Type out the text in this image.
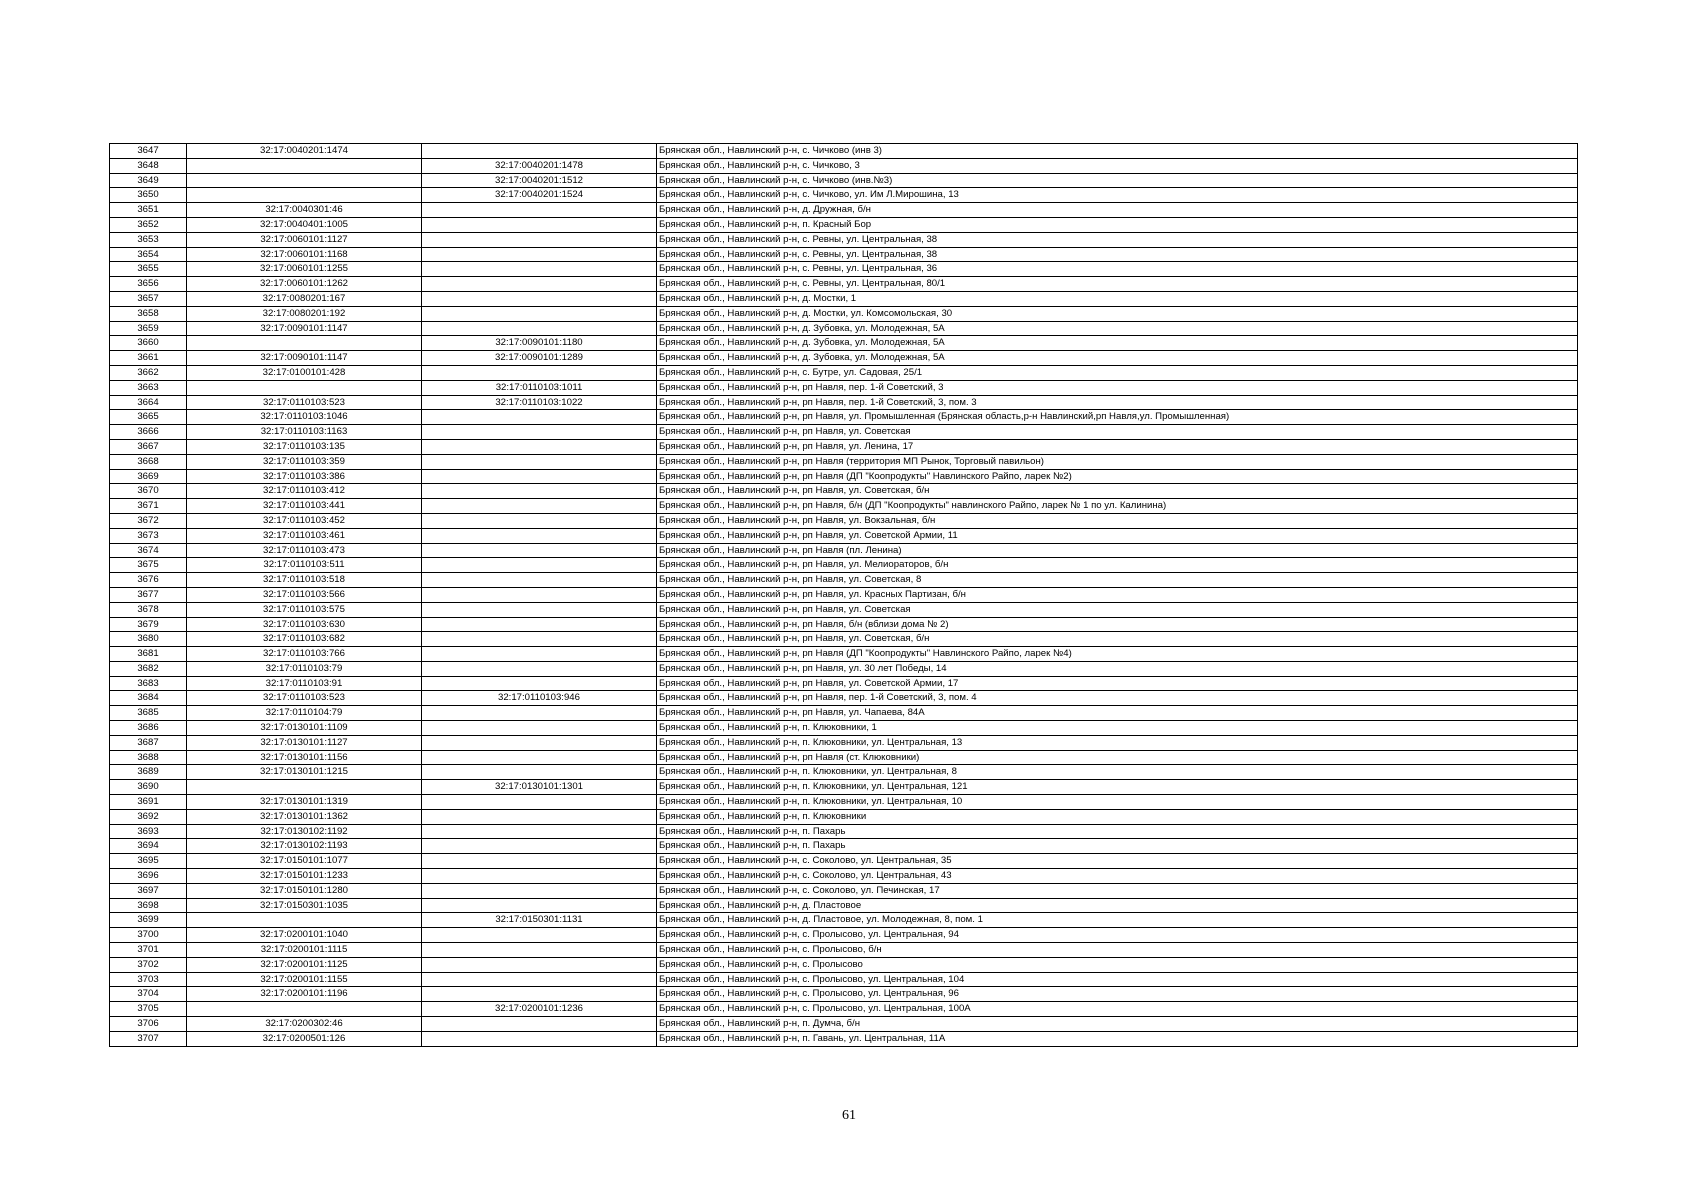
3647	32:17:0040201:1474		Брянская обл., Навлинский р-н, с. Чичково (инв 3)
3648		32:17:0040201:1478	Брянская обл., Навлинский р-н, с. Чичково, 3
3649		32:17:0040201:1512	Брянская обл., Навлинский р-н, с. Чичково (инв.№3)
3650		32:17:0040201:1524	Брянская обл., Навлинский р-н, с. Чичково, ул. Им Л.Мирошина, 13
3651	32:17:0040301:46		Брянская обл., Навлинский р-н, д. Дружная, б/н
3652	32:17:0040401:1005		Брянская обл., Навлинский р-н, п. Красный Бор
3653	32:17:0060101:1127		Брянская обл., Навлинский р-н, с. Ревны, ул. Центральная, 38
3654	32:17:0060101:1168		Брянская обл., Навлинский р-н, с. Ревны, ул. Центральная, 38
3655	32:17:0060101:1255		Брянская обл., Навлинский р-н, с. Ревны, ул. Центральная, 36
3656	32:17:0060101:1262		Брянская обл., Навлинский р-н, с. Ревны, ул. Центральная, 80/1
3657	32:17:0080201:167		Брянская обл., Навлинский р-н, д. Мостки, 1
3658	32:17:0080201:192		Брянская обл., Навлинский р-н, д. Мостки, ул. Комсомольская, 30
3659	32:17:0090101:1147		Брянская обл., Навлинский р-н, д. Зубовка, ул. Молодежная, 5А
3660		32:17:0090101:1180	Брянская обл., Навлинский р-н, д. Зубовка, ул. Молодежная, 5А
3661	32:17:0090101:1147	32:17:0090101:1289	Брянская обл., Навлинский р-н, д. Зубовка, ул. Молодежная, 5А
3662	32:17:0100101:428		Брянская обл., Навлинский р-н, с. Бутре, ул. Садовая, 25/1
3663		32:17:0110103:1011	Брянская обл., Навлинский р-н, рп Навля, пер. 1-й Советский, 3
3664	32:17:0110103:523	32:17:0110103:1022	Брянская обл., Навлинский р-н, рп Навля, пер. 1-й Советский, 3, пом. 3
3665	32:17:0110103:1046		Брянская обл., Навлинский р-н, рп Навля, ул. Промышленная (Брянская область,р-н Навлинский,рп Навля,ул. Промышленная)
3666	32:17:0110103:1163		Брянская обл., Навлинский р-н, рп Навля, ул. Советская
3667	32:17:0110103:135		Брянская обл., Навлинский р-н, рп Навля, ул. Ленина, 17
3668	32:17:0110103:359		Брянская обл., Навлинский р-н, рп Навля (территория МП Рынок, Торговый павильон)
3669	32:17:0110103:386		Брянская обл., Навлинский р-н, рп Навля (ДП "Коопродукты" Навлинского Райпо, ларек №2)
3670	32:17:0110103:412		Брянская обл., Навлинский р-н, рп Навля, ул. Советская, б/н
3671	32:17:0110103:441		Брянская обл., Навлинский р-н, рп Навля, б/н (ДП "Коопродукты" навлинского Райпо, ларек № 1 по ул. Калинина)
3672	32:17:0110103:452		Брянская обл., Навлинский р-н, рп Навля, ул. Вокзальная, б/н
3673	32:17:0110103:461		Брянская обл., Навлинский р-н, рп Навля, ул. Советской Армии, 11
3674	32:17:0110103:473		Брянская обл., Навлинский р-н, рп Навля (пл. Ленина)
3675	32:17:0110103:511		Брянская обл., Навлинский р-н, рп Навля, ул. Мелиораторов, б/н
3676	32:17:0110103:518		Брянская обл., Навлинский р-н, рп Навля, ул. Советская, 8
3677	32:17:0110103:566		Брянская обл., Навлинский р-н, рп Навля, ул. Красных Партизан, б/н
3678	32:17:0110103:575		Брянская обл., Навлинский р-н, рп Навля, ул. Советская
3679	32:17:0110103:630		Брянская обл., Навлинский р-н, рп Навля, б/н (вблизи дома № 2)
3680	32:17:0110103:682		Брянская обл., Навлинский р-н, рп Навля, ул. Советская, б/н
3681	32:17:0110103:766		Брянская обл., Навлинский р-н, рп Навля (ДП "Коопродукты" Навлинского Райпо, ларек №4)
3682	32:17:0110103:79		Брянская обл., Навлинский р-н, рп Навля, ул. 30 лет Победы, 14
3683	32:17:0110103:91		Брянская обл., Навлинский р-н, рп Навля, ул. Советской Армии, 17
3684	32:17:0110103:523	32:17:0110103:946	Брянская обл., Навлинский р-н, рп Навля, пер. 1-й Советский, 3, пом. 4
3685	32:17:0110104:79		Брянская обл., Навлинский р-н, рп Навля, ул. Чапаева, 84А
3686	32:17:0130101:1109		Брянская обл., Навлинский р-н, п. Клюковники, 1
3687	32:17:0130101:1127		Брянская обл., Навлинский р-н, п. Клюковники, ул. Центральная, 13
3688	32:17:0130101:1156		Брянская обл., Навлинский р-н, рп Навля (ст. Клюковники)
3689	32:17:0130101:1215		Брянская обл., Навлинский р-н, п. Клюковники, ул. Центральная, 8
3690		32:17:0130101:1301	Брянская обл., Навлинский р-н, п. Клюковники, ул. Центральная, 121
3691	32:17:0130101:1319		Брянская обл., Навлинский р-н, п. Клюковники, ул. Центральная, 10
3692	32:17:0130101:1362		Брянская обл., Навлинский р-н, п. Клюковники
3693	32:17:0130102:1192		Брянская обл., Навлинский р-н, п. Пахарь
3694	32:17:0130102:1193		Брянская обл., Навлинский р-н, п. Пахарь
3695	32:17:0150101:1077		Брянская обл., Навлинский р-н, с. Соколово, ул. Центральная, 35
3696	32:17:0150101:1233		Брянская обл., Навлинский р-н, с. Соколово, ул. Центральная, 43
3697	32:17:0150101:1280		Брянская обл., Навлинский р-н, с. Соколово, ул. Печинская, 17
3698	32:17:0150301:1035		Брянская обл., Навлинский р-н, д. Пластовое
3699		32:17:0150301:1131	Брянская обл., Навлинский р-н, д. Пластовое, ул. Молодежная, 8, пом. 1
3700	32:17:0200101:1040		Брянская обл., Навлинский р-н, с. Пролысово, ул. Центральная, 94
3701	32:17:0200101:1115		Брянская обл., Навлинский р-н, с. Пролысово, б/н
3702	32:17:0200101:1125		Брянская обл., Навлинский р-н, с. Пролысово
3703	32:17:0200101:1155		Брянская обл., Навлинский р-н, с. Пролысово, ул. Центральная, 104
3704	32:17:0200101:1196		Брянская обл., Навлинский р-н, с. Пролысово, ул. Центральная, 96
3705		32:17:0200101:1236	Брянская обл., Навлинский р-н, с. Пролысово, ул. Центральная, 100А
3706	32:17:0200302:46		Брянская обл., Навлинский р-н, п. Думча, б/н
3707	32:17:0200501:126		Брянская обл., Навлинский р-н, п. Гавань, ул. Центральная, 11А
61
